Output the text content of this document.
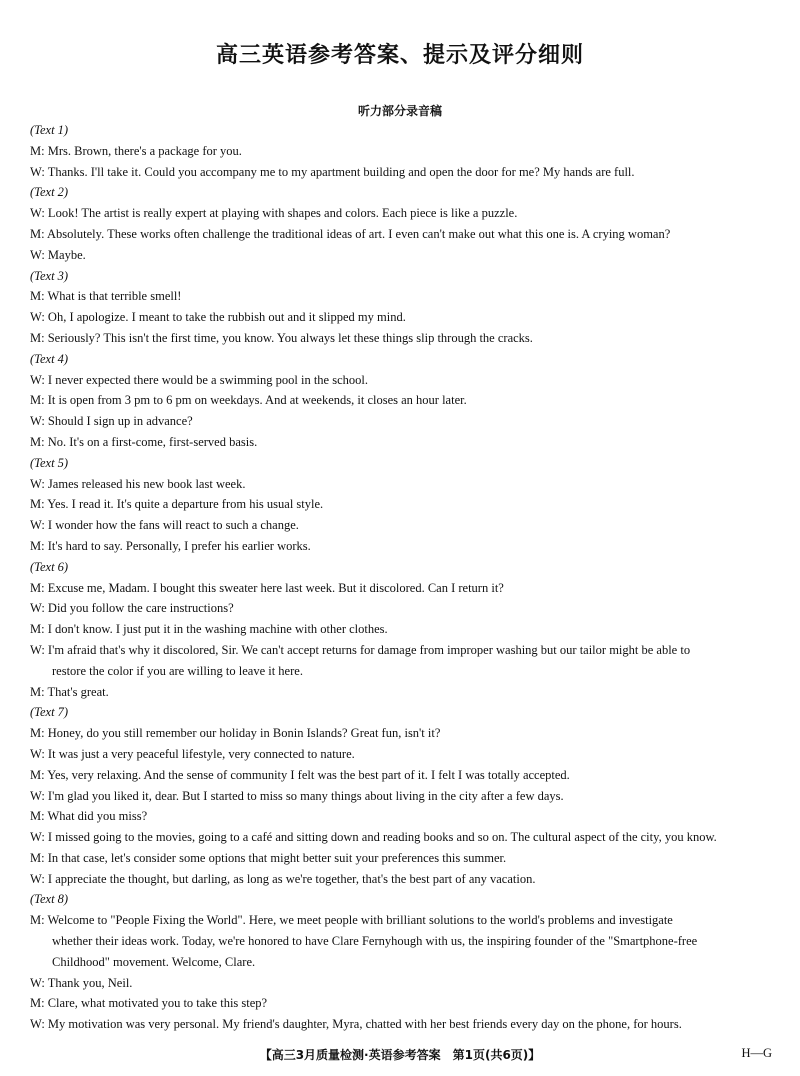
高三英语参考答案、提示及评分细则
听力部分录音稿
(Text 1)
M: Mrs. Brown, there's a package for you.
W: Thanks. I'll take it. Could you accompany me to my apartment building and open the door for me? My hands are full.
(Text 2)
W: Look! The artist is really expert at playing with shapes and colors. Each piece is like a puzzle.
M: Absolutely. These works often challenge the traditional ideas of art. I even can't make out what this one is. A crying woman?
W: Maybe.
(Text 3)
M: What is that terrible smell!
W: Oh, I apologize. I meant to take the rubbish out and it slipped my mind.
M: Seriously? This isn't the first time, you know. You always let these things slip through the cracks.
(Text 4)
W: I never expected there would be a swimming pool in the school.
M: It is open from 3 pm to 6 pm on weekdays. And at weekends, it closes an hour later.
W: Should I sign up in advance?
M: No. It's on a first-come, first-served basis.
(Text 5)
W: James released his new book last week.
M: Yes. I read it. It's quite a departure from his usual style.
W: I wonder how the fans will react to such a change.
M: It's hard to say. Personally, I prefer his earlier works.
(Text 6)
M: Excuse me, Madam. I bought this sweater here last week. But it discolored. Can I return it?
W: Did you follow the care instructions?
M: I don't know. I just put it in the washing machine with other clothes.
W: I'm afraid that's why it discolored, Sir. We can't accept returns for damage from improper washing but our tailor might be able to
restore the color if you are willing to leave it here.
M: That's great.
(Text 7)
M: Honey, do you still remember our holiday in Bonin Islands? Great fun, isn't it?
W: It was just a very peaceful lifestyle, very connected to nature.
M: Yes, very relaxing. And the sense of community I felt was the best part of it. I felt I was totally accepted.
W: I'm glad you liked it, dear. But I started to miss so many things about living in the city after a few days.
M: What did you miss?
W: I missed going to the movies, going to a café and sitting down and reading books and so on. The cultural aspect of the city, you know.
M: In that case, let's consider some options that might better suit your preferences this summer.
W: I appreciate the thought, but darling, as long as we're together, that's the best part of any vacation.
(Text 8)
M: Welcome to "People Fixing the World". Here, we meet people with brilliant solutions to the world's problems and investigate
whether their ideas work. Today, we're honored to have Clare Fernyhough with us, the inspiring founder of the "Smartphone-free
Childhood" movement. Welcome, Clare.
W: Thank you, Neil.
M: Clare, what motivated you to take this step?
W: My motivation was very personal. My friend's daughter, Myra, chatted with her best friends every day on the phone, for hours.
【高三3月质量检测·英语参考答案　第1页(共6页)】	H—G
